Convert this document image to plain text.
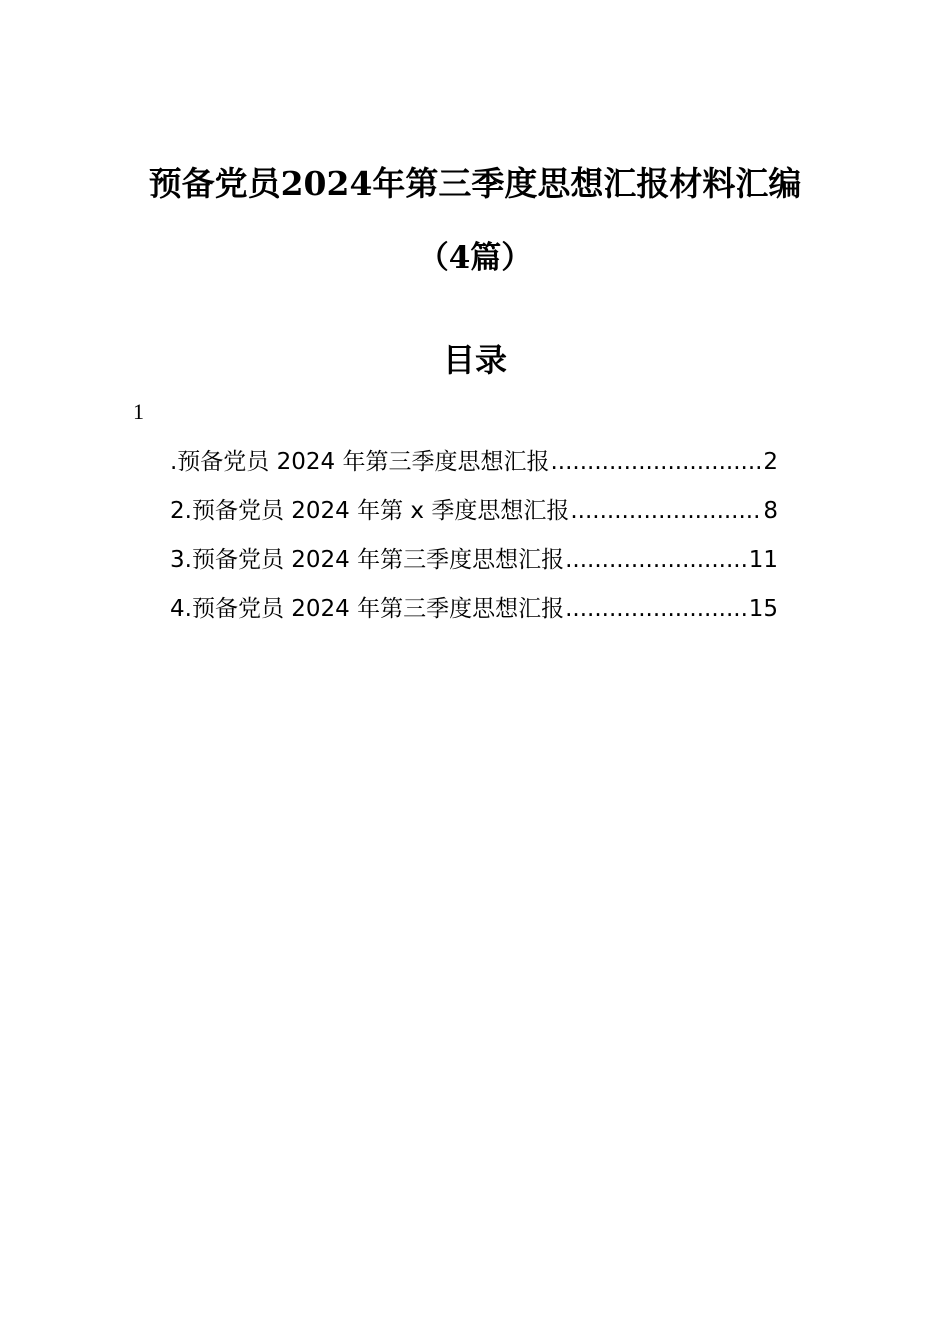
预备党员2024年第三季度思想汇报材料汇编
（4篇）
目录
1
.预备党员 2024 年第三季度思想汇报 .....	2
2.预备党员 2024 年第 x 季度思想汇报 .....	8
3.预备党员 2024 年第三季度思想汇报 .....	11
4.预备党员 2024 年第三季度思想汇报 .....	15
